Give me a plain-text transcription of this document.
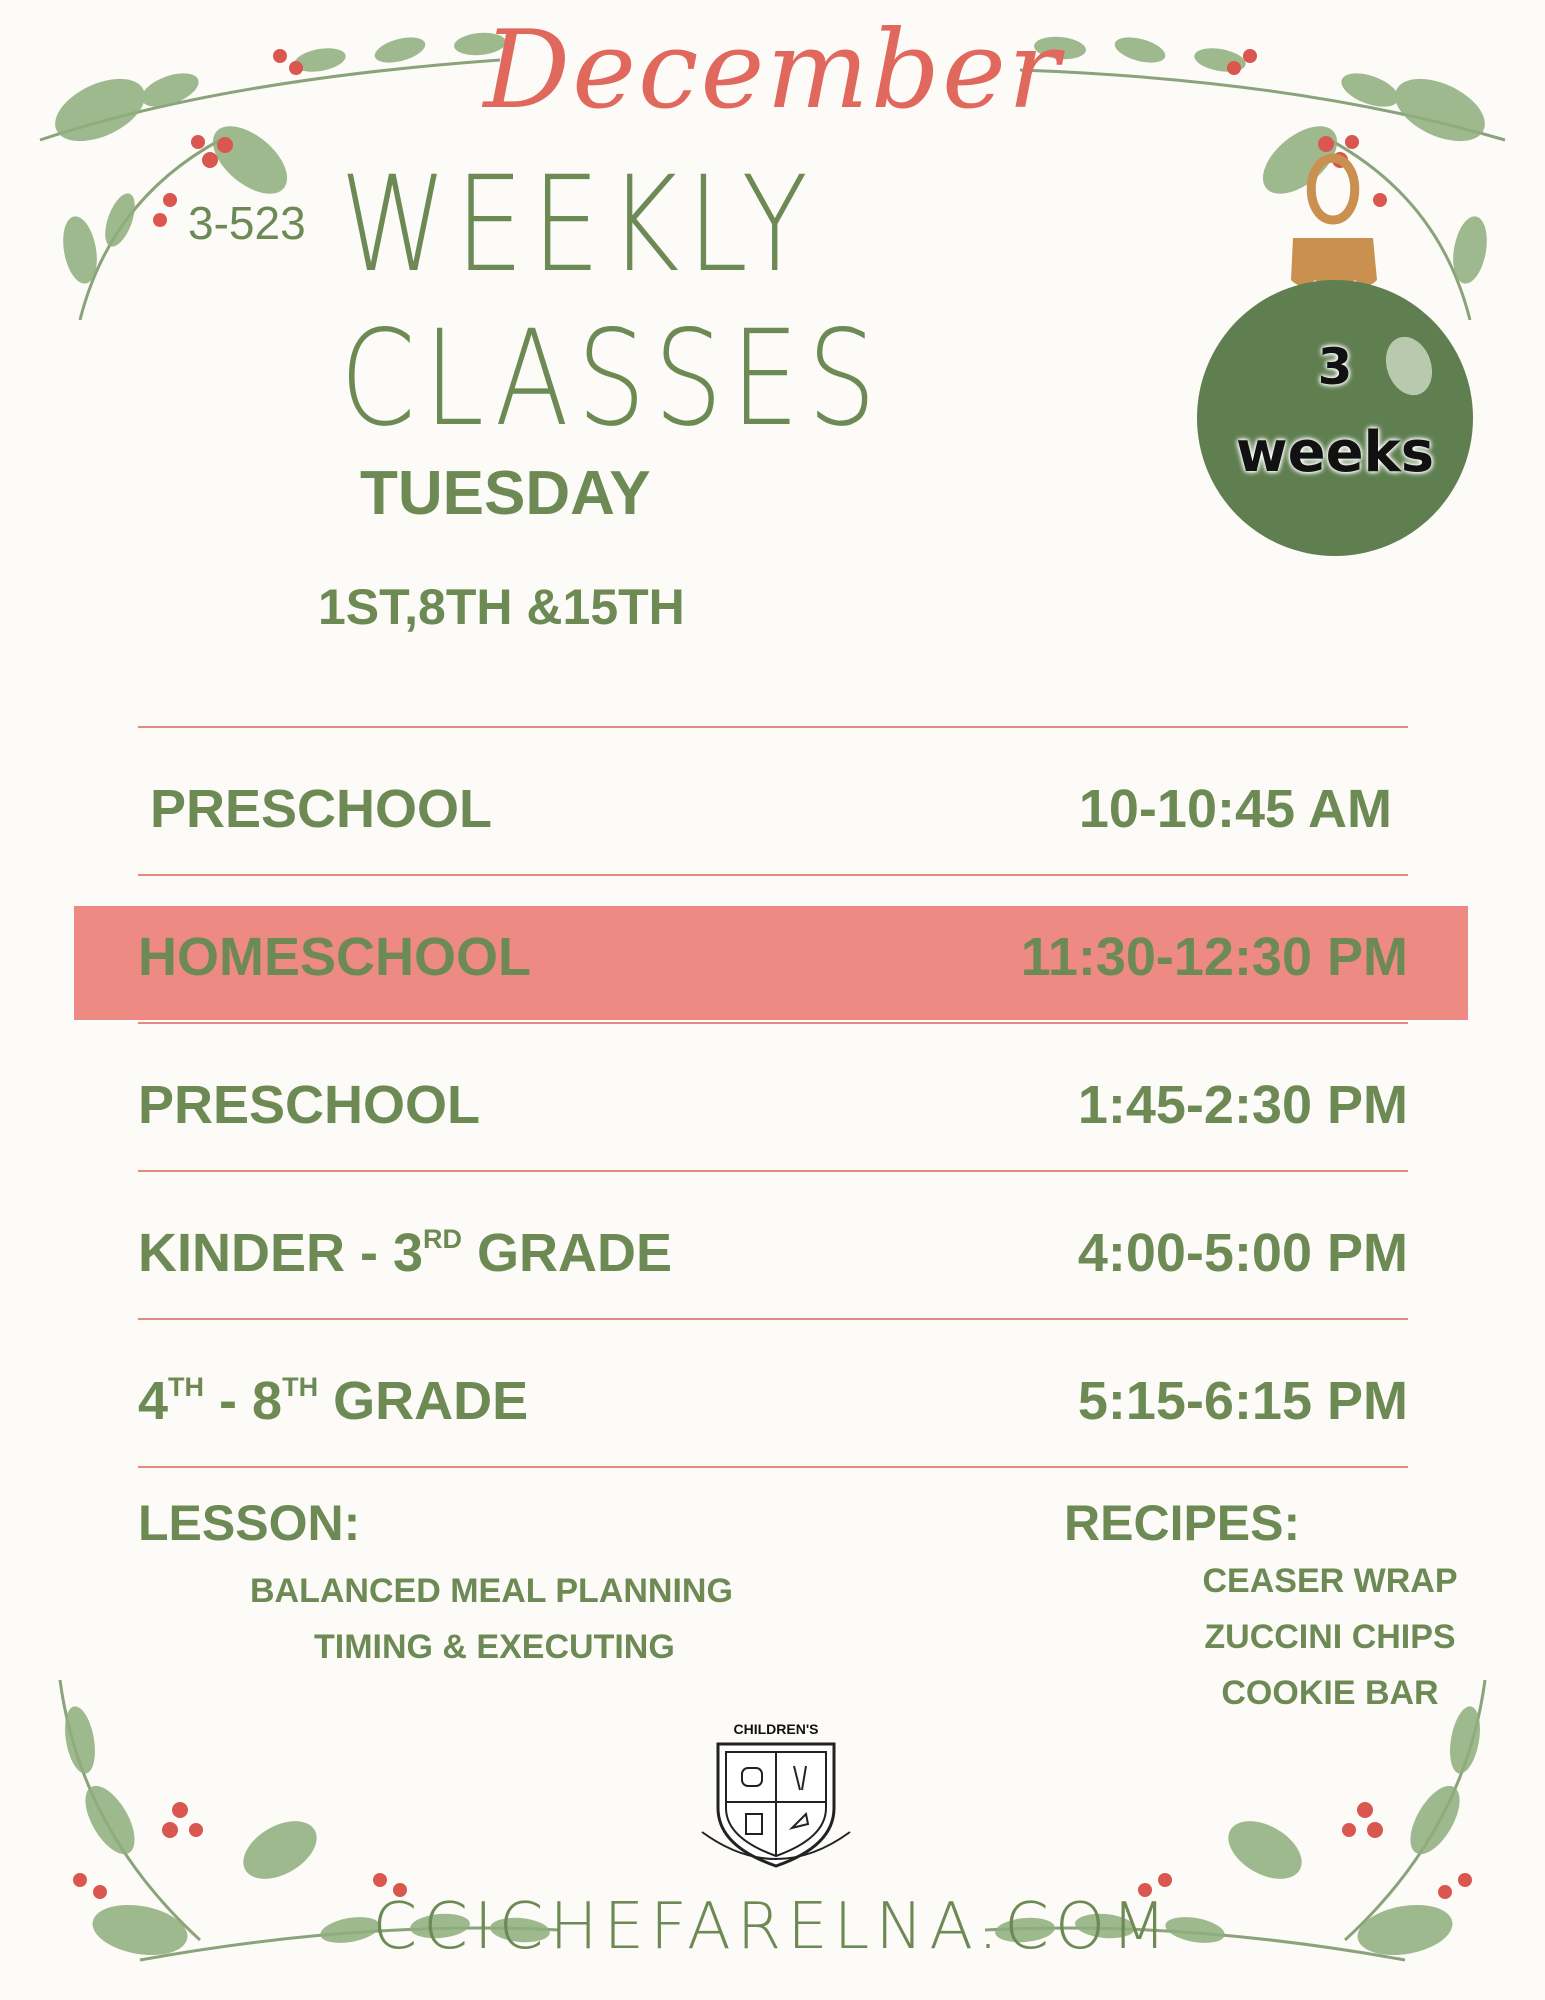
December
3-523 WEEKLY CLASSES	3
weeks
TUESDAY
1ST,8TH &15TH
PRESCHOOL	10-10:45 AM
HOMESCHOOL	11:30-12:30 PM
PRESCHOOL	1:45-2:30 PM
KINDER - 3RD GRADE	4:00-5:00 PM
4TH - 8TH GRADE	5:15-6:15 PM
LESSON:
BALANCED MEAL PLANNING
TIMING & EXECUTING
RECIPES:
CEASER WRAP
ZUCCINI CHIPS
COOKIE BAR
CHILDREN'S
CCICHEFARELNA.COM
